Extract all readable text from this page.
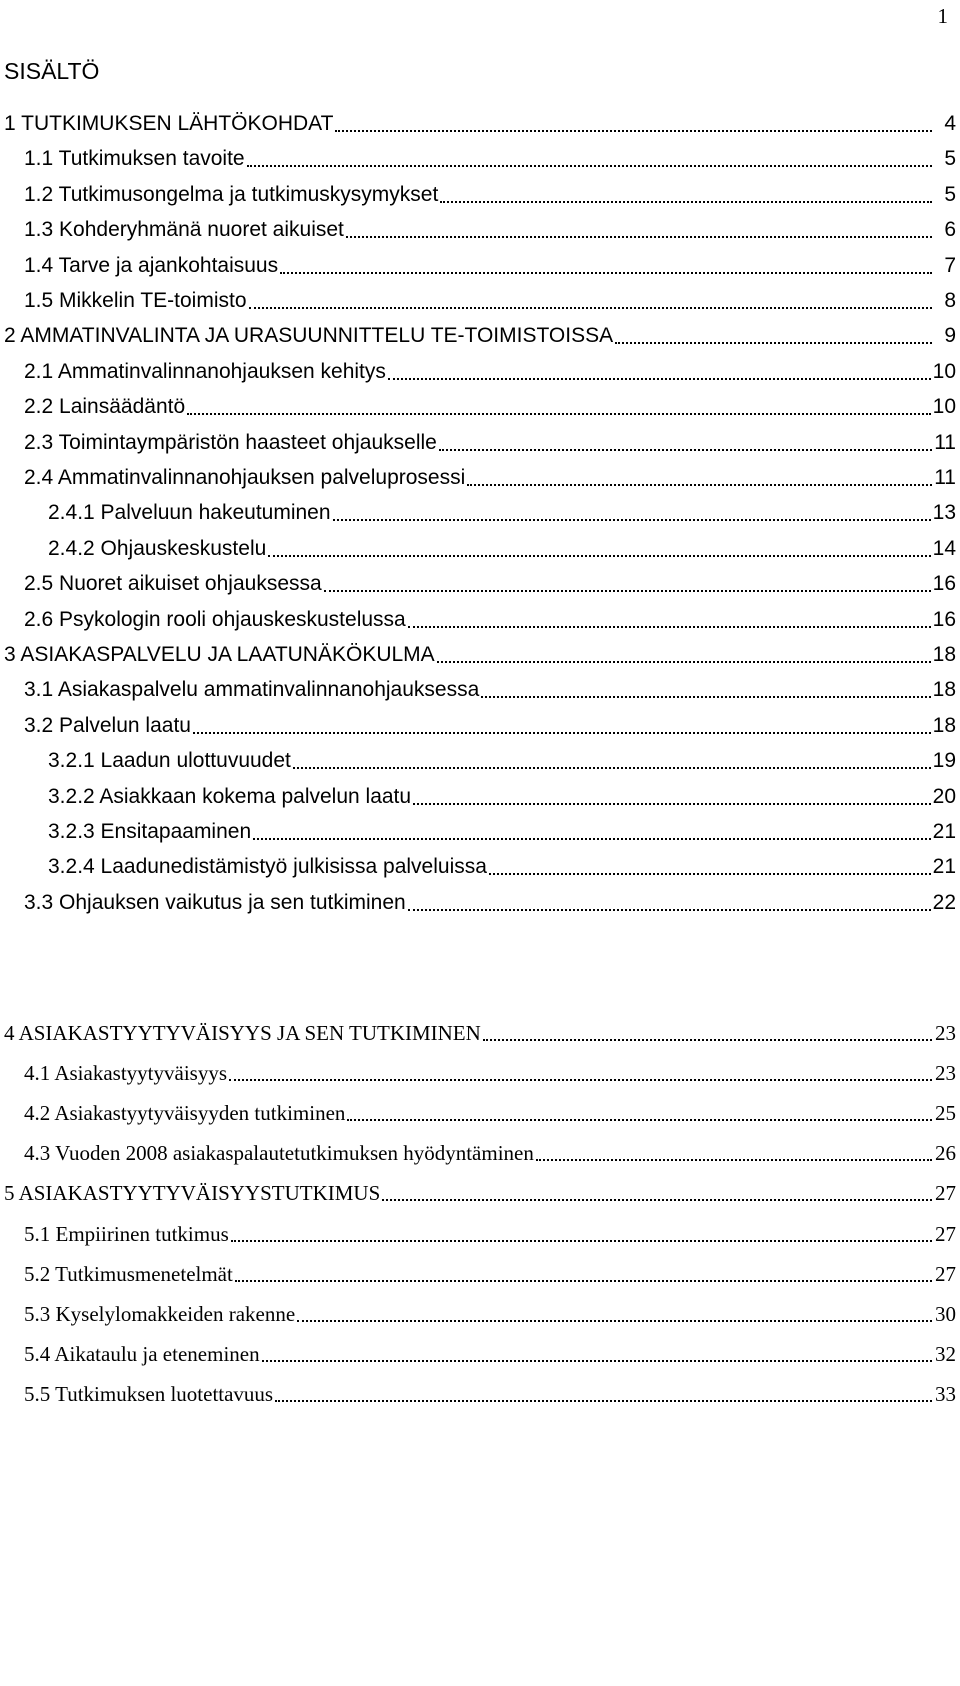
1
SISÄLTÖ
1 TUTKIMUKSEN LÄHTÖKOHDAT	4
1.1 Tutkimuksen tavoite	5
1.2 Tutkimusongelma ja tutkimuskysymykset	5
1.3 Kohderyhmänä nuoret aikuiset	6
1.4 Tarve ja ajankohtaisuus	7
1.5 Mikkelin TE-toimisto	8
2 AMMATINVALINTA JA URASUUNNITTELU TE-TOIMISTOISSA	9
2.1 Ammatinvalinnanohjauksen kehitys	10
2.2 Lainsäädäntö	10
2.3 Toimintaympäristön haasteet ohjaukselle	11
2.4 Ammatinvalinnanohjauksen palveluprosessi	11
2.4.1 Palveluun hakeutuminen	13
2.4.2 Ohjauskeskustelu	14
2.5 Nuoret aikuiset ohjauksessa	16
2.6 Psykologin rooli ohjauskeskustelussa	16
3 ASIAKASPALVELU JA LAATUNÄKÖKULMA	18
3.1 Asiakaspalvelu ammatinvalinnanohjauksessa	18
3.2 Palvelun laatu	18
3.2.1 Laadun ulottuvuudet	19
3.2.2 Asiakkaan kokema palvelun laatu	20
3.2.3 Ensitapaaminen	21
3.2.4 Laadunedistämistyö julkisissa palveluissa	21
3.3 Ohjauksen vaikutus ja sen tutkiminen	22
4 ASIAKASTYYTYVÄISYYS JA SEN TUTKIMINEN	23
4.1 Asiakastyytyväisyys	23
4.2 Asiakastyytyväisyyden tutkiminen	25
4.3 Vuoden 2008 asiakaspalautetutkimuksen hyödyntäminen	26
5 ASIAKASTYYTYVÄISYYSTUTKIMUS	27
5.1 Empiirinen tutkimus	27
5.2 Tutkimusmenetelmät	27
5.3 Kyselylomakkeiden rakenne	30
5.4 Aikataulu ja eteneminen	32
5.5 Tutkimuksen luotettavuus	33
